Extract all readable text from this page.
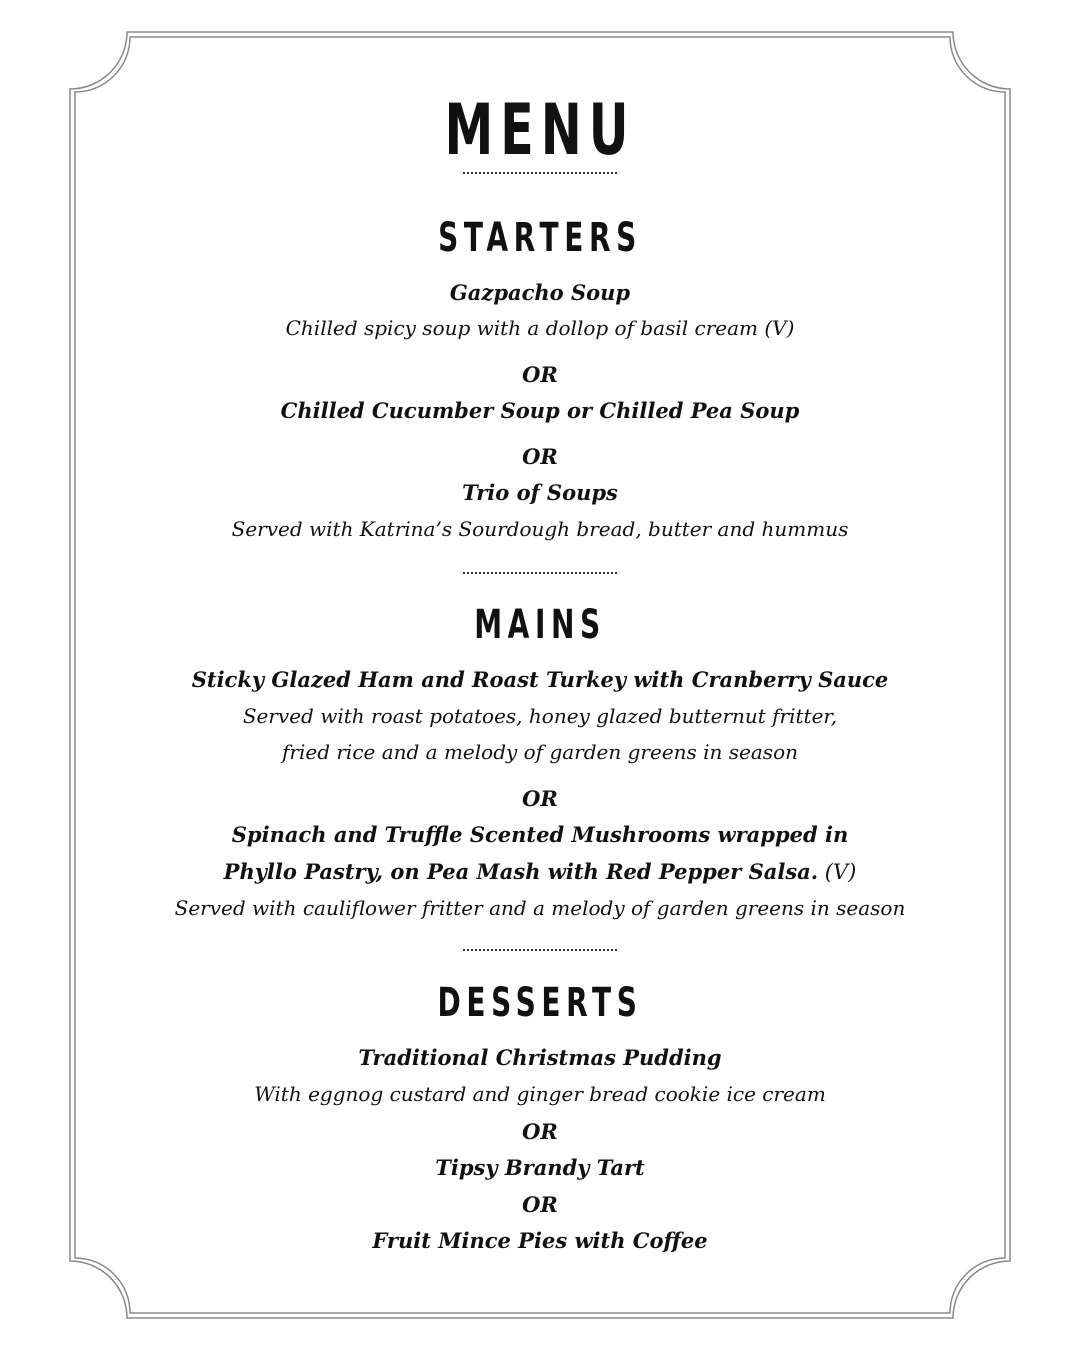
MENU
STARTERS
Gazpacho Soup
Chilled spicy soup with a dollop of basil cream (V)
OR
Chilled Cucumber Soup or Chilled Pea Soup
OR
Trio of Soups
Served with Katrina’s Sourdough bread, butter and hummus
MAINS
Sticky Glazed Ham and Roast Turkey with Cranberry Sauce
Served with roast potatoes, honey glazed butternut fritter,
fried rice and a melody of garden greens in season
OR
Spinach and Truffle Scented Mushrooms wrapped in
Phyllo Pastry, on Pea Mash with Red Pepper Salsa. (V)
Served with cauliflower fritter and a melody of garden greens in season
DESSERTS
Traditional Christmas Pudding
With eggnog custard and ginger bread cookie ice cream
OR
Tipsy Brandy Tart
OR
Fruit Mince Pies with Coffee
